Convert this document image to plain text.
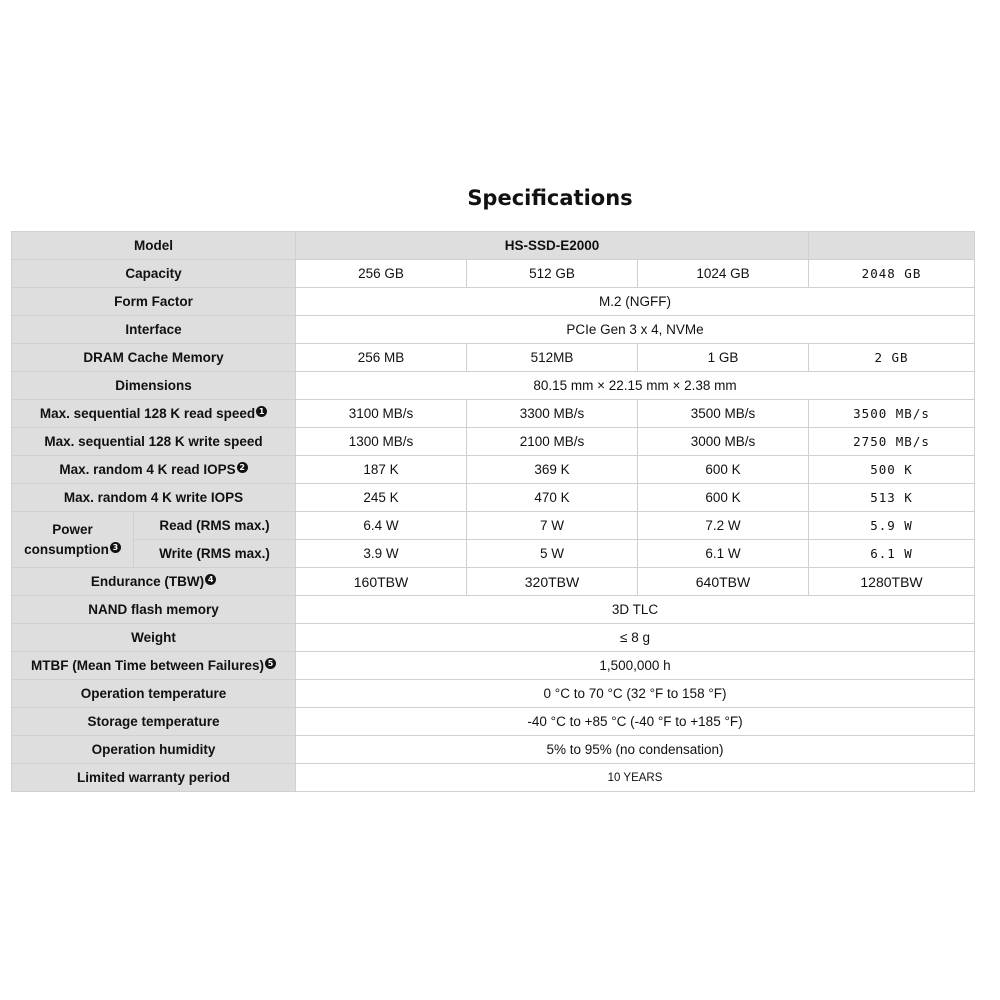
Specifications
Model		HS-SSD-E2000			
Capacity		256 GB	512 GB	1024 GB	2048 GB
Form Factor		M.2 (NGFF)			
Interface		PCIe Gen 3 x 4, NVMe			
DRAM Cache Memory		256 MB	512MB	1 GB	2 GB
Dimensions		80.15 mm × 22.15 mm × 2.38 mm			
Max. sequential 128 K read speed 1		3100 MB/s	3300 MB/s	3500 MB/s	3500 MB/s
Max. sequential 128 K write speed		1300 MB/s	2100 MB/s	3000 MB/s	2750 MB/s
Max. random 4 K read IOPS 2		187 K	369 K	600 K	500 K
Max. random 4 K write IOPS		245 K	470 K	600 K	513 K
Power
consumption 3	Read (RMS max.)	6.4 W	7 W	7.2 W	5.9 W
	Write (RMS max.)	3.9 W	5 W	6.1 W	6.1 W
Endurance (TBW) 4		160TBW	320TBW	640TBW	1280TBW
NAND flash memory		3D TLC			
Weight		≤ 8 g			
MTBF (Mean Time between Failures) 5		1,500,000 h			
Operation temperature		0 °C to 70 °C (32 °F to 158 °F)			
Storage temperature		-40 °C to +85 °C (-40 °F to +185 °F)			
Operation humidity		5% to 95% (no condensation)			
Limited warranty period		10 YEARS			
